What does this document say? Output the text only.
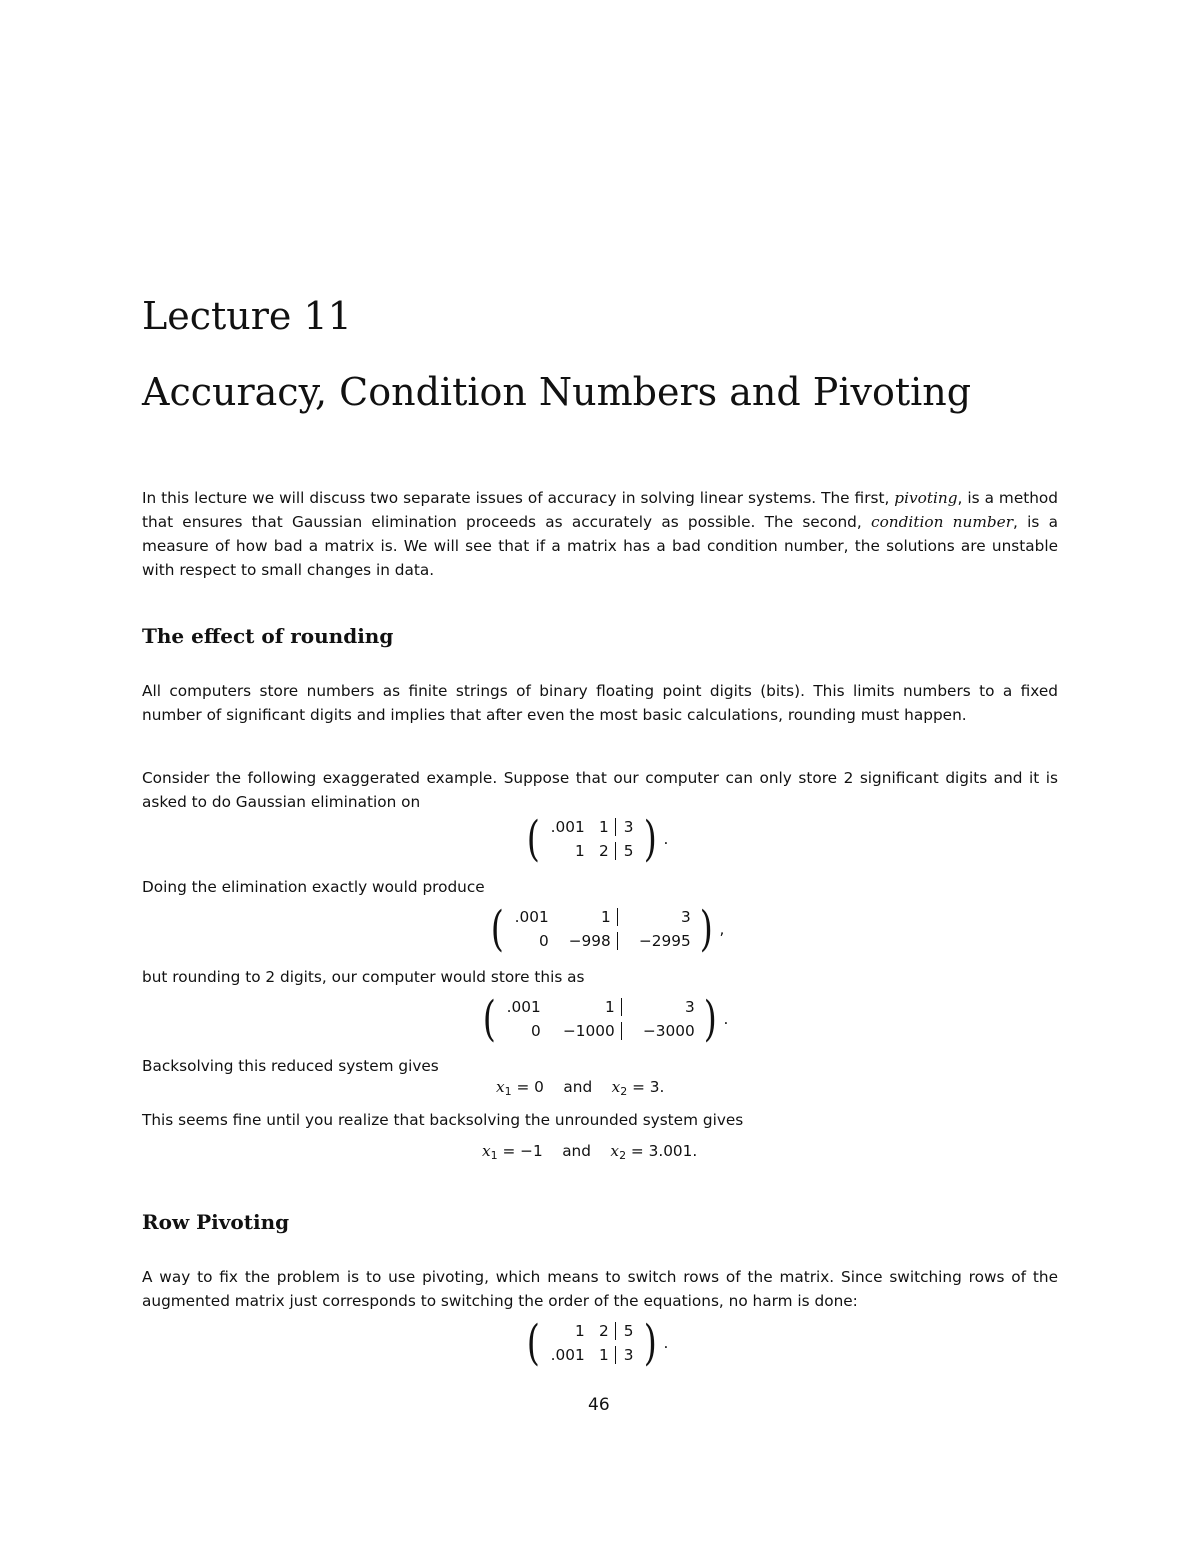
Lecture 11
Accuracy, Condition Numbers and Pivoting

In this lecture we will discuss two separate issues of accuracy in solving linear systems. The first, pivoting, is a method that ensures that Gaussian elimination proceeds as accurately as possible. The second, condition number, is a measure of how bad a matrix is. We will see that if a matrix has a bad condition number, the solutions are unstable with respect to small changes in data.

The effect of rounding

All computers store numbers as finite strings of binary floating point digits (bits). This limits numbers to a fixed number of significant digits and implies that after even the most basic calculations, rounding must happen.

Consider the following exaggerated example. Suppose that our computer can only store 2 significant digits and it is asked to do Gaussian elimination on

( .001 1 3
1 2 5 ) .

Doing the elimination exactly would produce

( .001	1	3
0	−998	−2995 ) ,

but rounding to 2 digits, our computer would store this as

( .001	1	3
0	−1000	−3000 ) .

Backsolving this reduced system gives

$x_1 = 0$ and $x_2 = 3$.

This seems fine until you realize that backsolving the unrounded system gives

$x_1 = -1$ and $x_2 = 3.001$.
Row Pivoting

A way to fix the problem is to use pivoting, which means to switch rows of the matrix. Since switching rows of the augmented matrix just corresponds to switching the order of the equations, no harm is done:

(	1 2 5
.001 1 3 ) .
46
